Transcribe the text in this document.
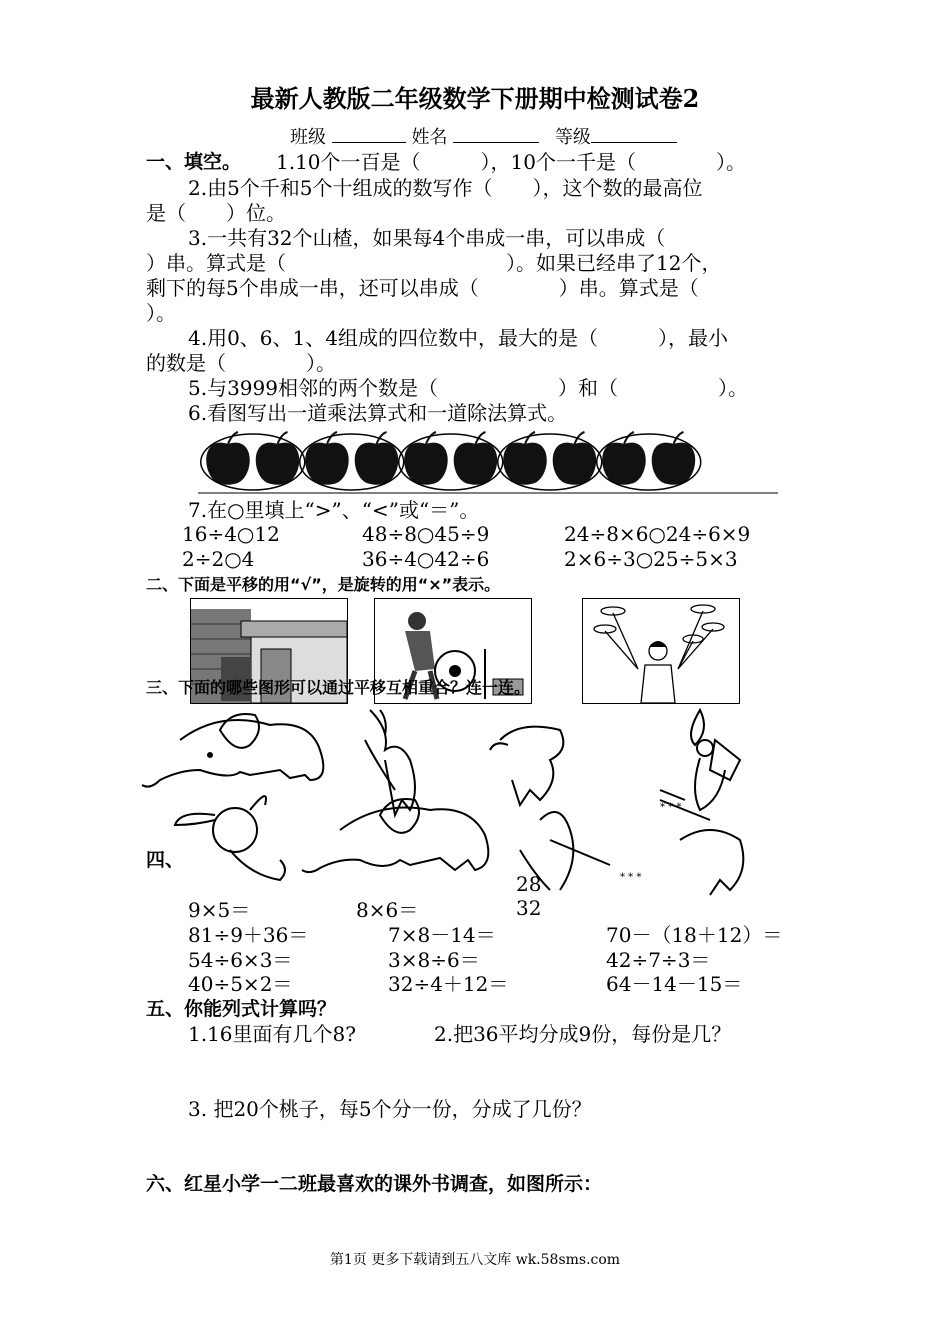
最新人教版二年级数学下册期中检测试卷2
班级	姓名	等级
一、填空。 1.10个一百是（　　　），10个一千是（　　　　）。
2.由5个千和5个十组成的数写作（　　），这个数的最高位
是（　　）位。
3.一共有32个山楂，如果每4个串成一串，可以串成（
）串。算式是（　　　　　　　　　　　）。如果已经串了12个，
剩下的每5个串成一串，还可以串成（　　　　）串。算式是（
）。
4.用0、6、1、4组成的四位数中，最大的是（　　　），最小
的数是（　　　　）。
5.与3999相邻的两个数是（　　　　　　）和（　　　　　）。
6.看图写出一道乘法算式和一道除法算式。
7.在○里填上“>”、“<”或“＝”。
16÷4○12	48÷8○45÷9	24÷8×6○24÷6×9
2÷2○4	36÷4○42÷6	2×6÷3○25÷5×3
二、下面是平移的用“√”，是旋转的用“×”表示。
三、下面的哪些图形可以通过平移互相重合？连一连。
* * *
* * *
四、
28
32
9×5＝	8×6＝
81÷9＋36＝	7×8－14＝	70－（18＋12）＝
54÷6×3＝	3×8÷6＝	42÷7÷3＝
40÷5×2＝	32÷4＋12＝	64－14－15＝
五、你能列式计算吗？
1.16里面有几个8?	2.把36平均分成9份，每份是几？
3. 把20个桃子，每5个分一份，分成了几份？
六、红星小学一二班最喜欢的课外书调查，如图所示：
第1页 更多下载请到五八文库 wk.58sms.com
